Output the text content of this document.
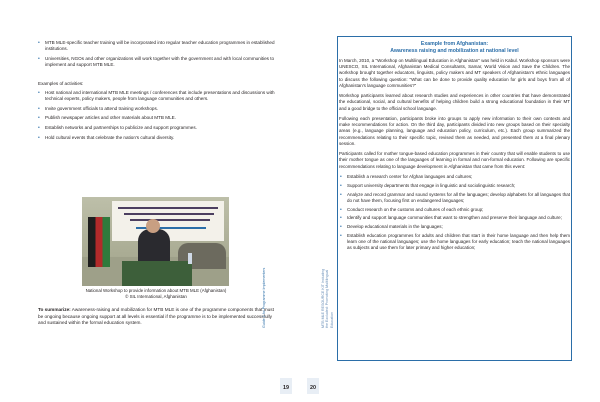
• MTB MLE-specific teacher training will be incorporated into regular teacher education programmes in established institutions.
• Universities, NGOs and other organizations will work together with the government and with local communities to implement and support MTB MLE.
Examples of activities:
• Host national and international MTB MLE meetings / conferences that include presentations and discussions with technical experts, policy makers, people from language communities and others.
• Invite government officials to attend training workshops.
• Publish newspaper articles and other materials about MTB MLE.
• Establish networks and partnerships to publicize and support programmes.
• Hold cultural events that celebrate the nation's cultural diversity.
National Workshop to provide information about MTB MLE (Afghanistan)
© SIL International, Afghanistan

To summarize: Awareness-raising and mobilization for MTB MLE is one of the programme components that must be ongoing because ongoing support at all levels is essential if the programme is to be implemented successfully and sustained within the formal education system.

19
Guide 4 for Programme Implementers	MTB MLE RESOURCE KIT Including the Excluded: Promoting Multilingual Education
20
Example from Afghanistan:
Awareness raising and mobilization at national level

In March, 2010, a "Workshop on Multilingual Education in Afghanistan" was held in Kabul. Workshop sponsors were UNESCO, SIL International, Afghanistan Medical Consultants, Samar, World Vision and Save the Children. The workshop brought together educators, linguists, policy makers and MT speakers of Afghanistan's ethnic languages to discuss the following question: "What can be done to provide quality education for girls and boys from all of Afghanistan's language communities?"

Workshop participants learned about research studies and experiences in other countries that have demonstrated the educational, social, and cultural benefits of helping children build a strong educational foundation in their MT and a good bridge to the official school language.

Following each presentation, participants broke into groups to apply new information to their own contexts and make recommendations for action. On the third day, participants divided into new groups based on their specialty areas (e.g., language planning, language and education policy, curriculum, etc.). Each group summarized the recommendations relating to their specific topic, revised them as needed, and presented them at a final plenary session.

Participants called for mother tongue-based education programmes in their country that will enable students to use their mother tongue as one of the languages of learning in formal and non-formal education. Following are specific recommendations relating to language development in Afghanistan that came from this event:

• Establish a research center for Afghan languages and cultures;
• Support university departments that engage in linguistic and sociolinguistic research;
• Analyze and record grammar and sound systems for all the languages; develop alphabets for all languages that do not have them, focusing first on endangered languages;
• Conduct research on the customs and cultures of each ethnic group;
• Identify and support language communities that want to strengthen and preserve their language and culture;
• Develop educational materials in the languages;
• Establish education programmes for adults and children that start in their home language and then help them learn one of the national languages; use the home languages for early education; teach the national languages as subjects and use them for later primary and higher education;
